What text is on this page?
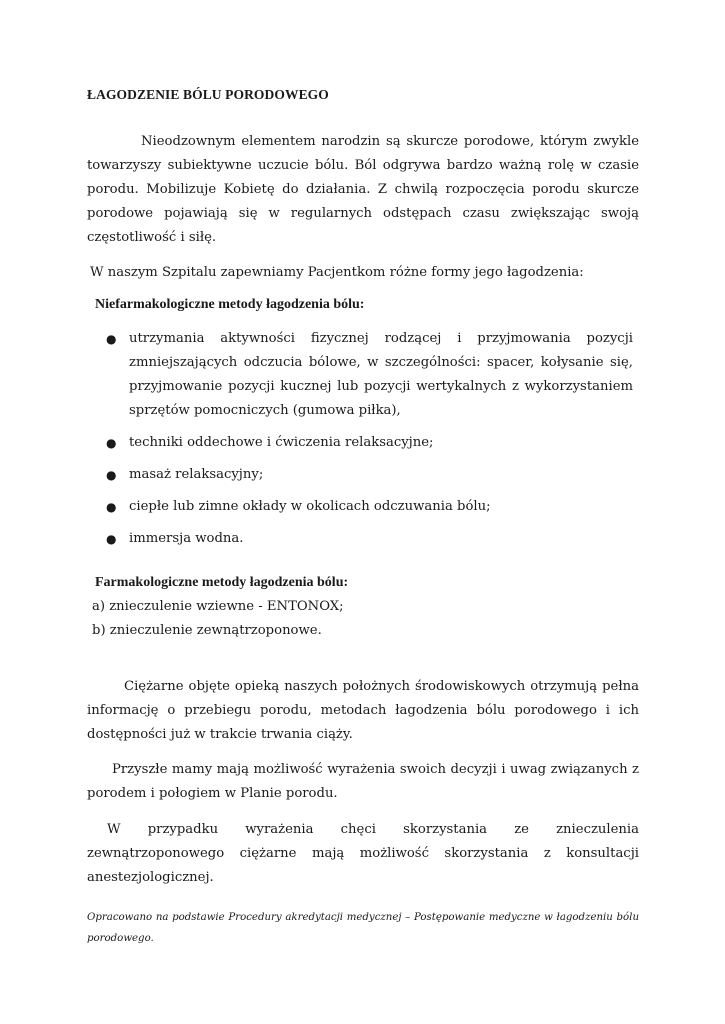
ŁAGODZENIE BÓLU PORODOWEGO

Nieodzownym elementem narodzin są skurcze porodowe, którym zwykle towarzyszy subiektywne uczucie bólu. Ból odgrywa bardzo ważną rolę w czasie porodu. Mobilizuje Kobietę do działania. Z chwilą rozpoczęcia porodu skurcze porodowe pojawiają się w regularnych odstępach czasu zwiększając swoją częstotliwość i siłę.

W naszym Szpitalu zapewniamy Pacjentkom różne formy jego łagodzenia:

Niefarmakologiczne metody łagodzenia bólu:
● utrzymania aktywności fizycznej rodzącej i przyjmowania pozycji zmniejszających odczucia bólowe, w szczególności: spacer, kołysanie się, przyjmowanie pozycji kucznej lub pozycji wertykalnych z wykorzystaniem sprzętów pomocniczych (gumowa piłka),
● techniki oddechowe i ćwiczenia relaksacyjne;
● masaż relaksacyjny;
● ciepłe lub zimne okłady w okolicach odczuwania bólu;
● immersja wodna.
Farmakologiczne metody łagodzenia bólu:
a) znieczulenie wziewne - ENTONOX;
b) znieczulenie zewnątrzoponowe.

Ciężarne objęte opieką naszych położnych środowiskowych otrzymują pełna informację o przebiegu porodu, metodach łagodzenia bólu porodowego i ich dostępności już w trakcie trwania ciąży.

Przyszłe mamy mają możliwość wyrażenia swoich decyzji i uwag związanych z porodem i połogiem w Planie porodu.

W przypadku wyrażenia chęci skorzystania ze znieczulenia zewnątrzoponowego ciężarne mają możliwość skorzystania z konsultacji anestezjologicznej.

Opracowano na podstawie Procedury akredytacji medycznej – Postępowanie medyczne w łagodzeniu bólu porodowego.
